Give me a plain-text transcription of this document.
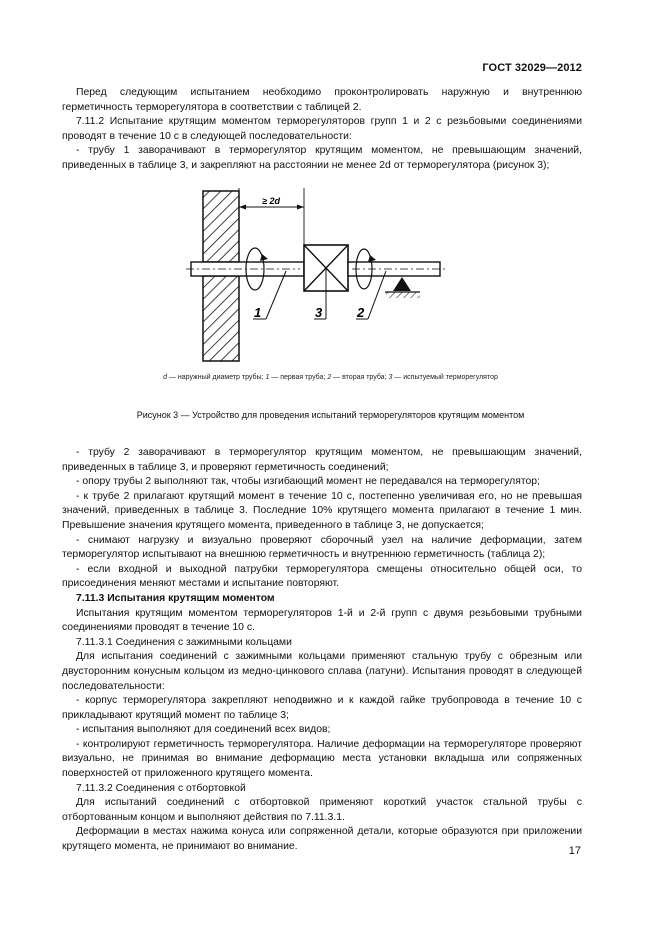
ГОСТ 32029—2012

Перед следующим испытанием необходимо проконтролировать наружную и внутреннюю герметичность терморегулятора в соответствии с таблицей 2.

7.11.2 Испытание крутящим моментом терморегуляторов групп 1 и 2 с резьбовыми соединениями проводят в течение 10 с в следующей последовательности:

- трубу 1 заворачивают в терморегулятор крутящим моментом, не превышающим значений, приведенных в таблице 3, и закрепляют на расстоянии не менее 2d от терморегулятора (рисунок 3);

≥ 2d
1	3	2
d — наружный диаметр трубы; 1 — первая труба; 2 — вторая труба; 3 — испытуемый терморегулятор
Рисунок 3 — Устройство для проведения испытаний терморегуляторов крутящим моментом

- трубу 2 заворачивают в терморегулятор крутящим моментом, не превышающим значений, приведенных в таблице 3, и проверяют герметичность соединений;

- опору трубы 2 выполняют так, чтобы изгибающий момент не передавался на терморегулятор;

- к трубе 2 прилагают крутящий момент в течение 10 с, постепенно увеличивая его, но не превышая значений, приведенных в таблице 3. Последние 10% крутящего момента прилагают в течение 1 мин. Превышение значения крутящего момента, приведенного в таблице 3, не допускается;

- снимают нагрузку и визуально проверяют сборочный узел на наличие деформации, затем терморегулятор испытывают на внешнюю герметичность и внутреннюю герметичность (таблица 2);

- если входной и выходной патрубки терморегулятора смещены относительно общей оси, то присоединения меняют местами и испытание повторяют.

7.11.3 Испытания крутящим моментом

Испытания крутящим моментом терморегуляторов 1-й и 2-й групп с двумя резьбовыми трубными соединениями проводят в течение 10 с.

7.11.3.1 Соединения с зажимными кольцами

Для испытания соединений с зажимными кольцами применяют стальную трубу с обрезным или двусторонним конусным кольцом из медно-цинкового сплава (латуни). Испытания проводят в следующей последовательности:

- корпус терморегулятора закрепляют неподвижно и к каждой гайке трубопровода в течение 10 с прикладывают крутящий момент по таблице 3;

- испытания выполняют для соединений всех видов;

- контролируют герметичность терморегулятора. Наличие деформации на терморегуляторе проверяют визуально, не принимая во внимание деформацию места установки вкладыша или сопряженных поверхностей от приложенного крутящего момента.

7.11.3.2 Соединения с отбортовкой

Для испытаний соединений с отбортовкой применяют короткий участок стальной трубы с отбортованным концом и выполняют действия по 7.11.3.1.

Деформации в местах нажима конуса или сопряженной детали, которые образуются при приложении крутящего момента, не принимают во внимание.	17
